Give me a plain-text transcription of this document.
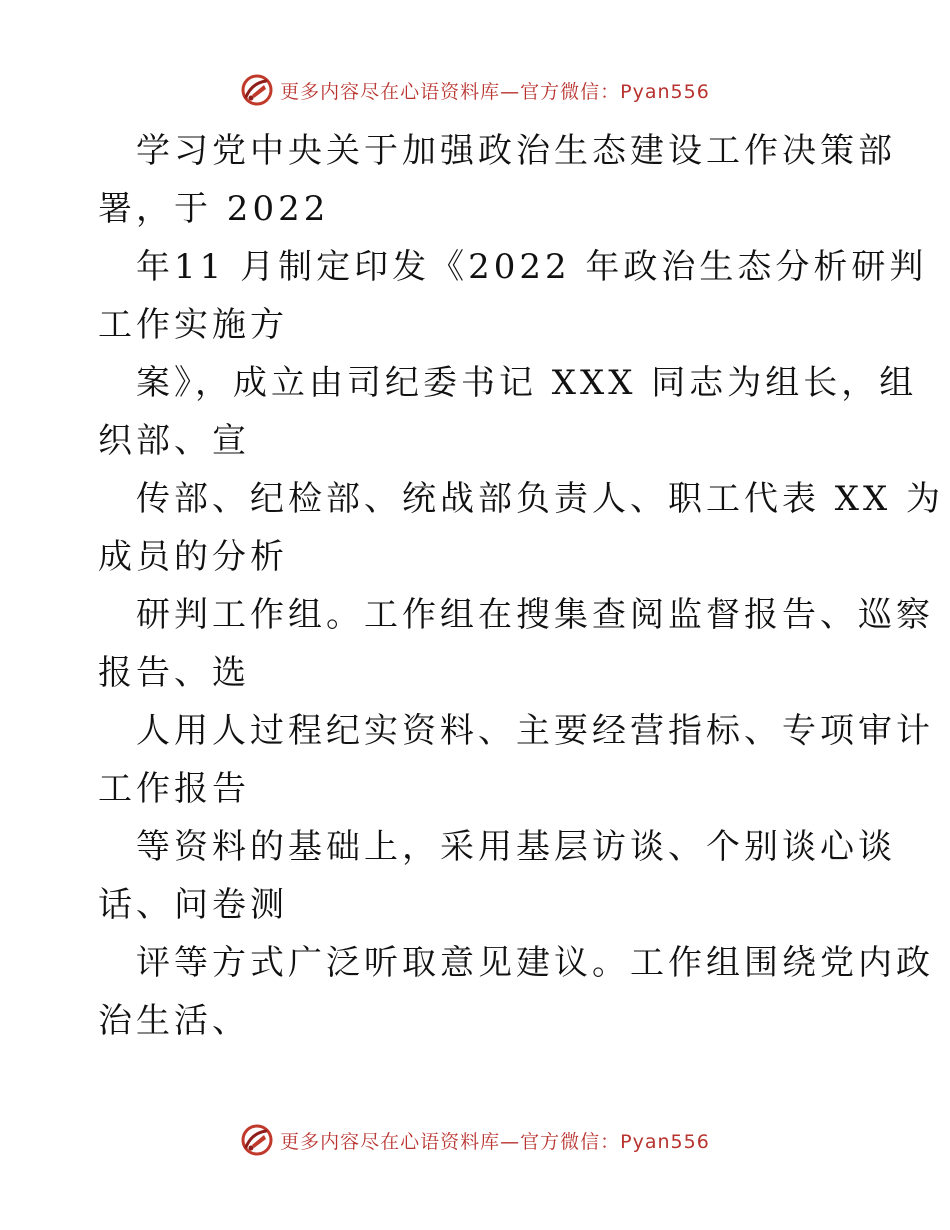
更多内容尽在心语资料库—官方微信：Pyan556
学习党中央关于加强政治生态建设工作决策部
署，于 2022
年11 月制定印发《2022 年政治生态分析研判
工作实施方
案》，成立由司纪委书记 XXX 同志为组长，组
织部、宣
传部、纪检部、统战部负责人、职工代表 XX 为
成员的分析
研判工作组。工作组在搜集查阅监督报告、巡察
报告、选
人用人过程纪实资料、主要经营指标、专项审计
工作报告
等资料的基础上，采用基层访谈、个别谈心谈
话、问卷测
评等方式广泛听取意见建议。工作组围绕党内政
治生活、
更多内容尽在心语资料库—官方微信：Pyan556
